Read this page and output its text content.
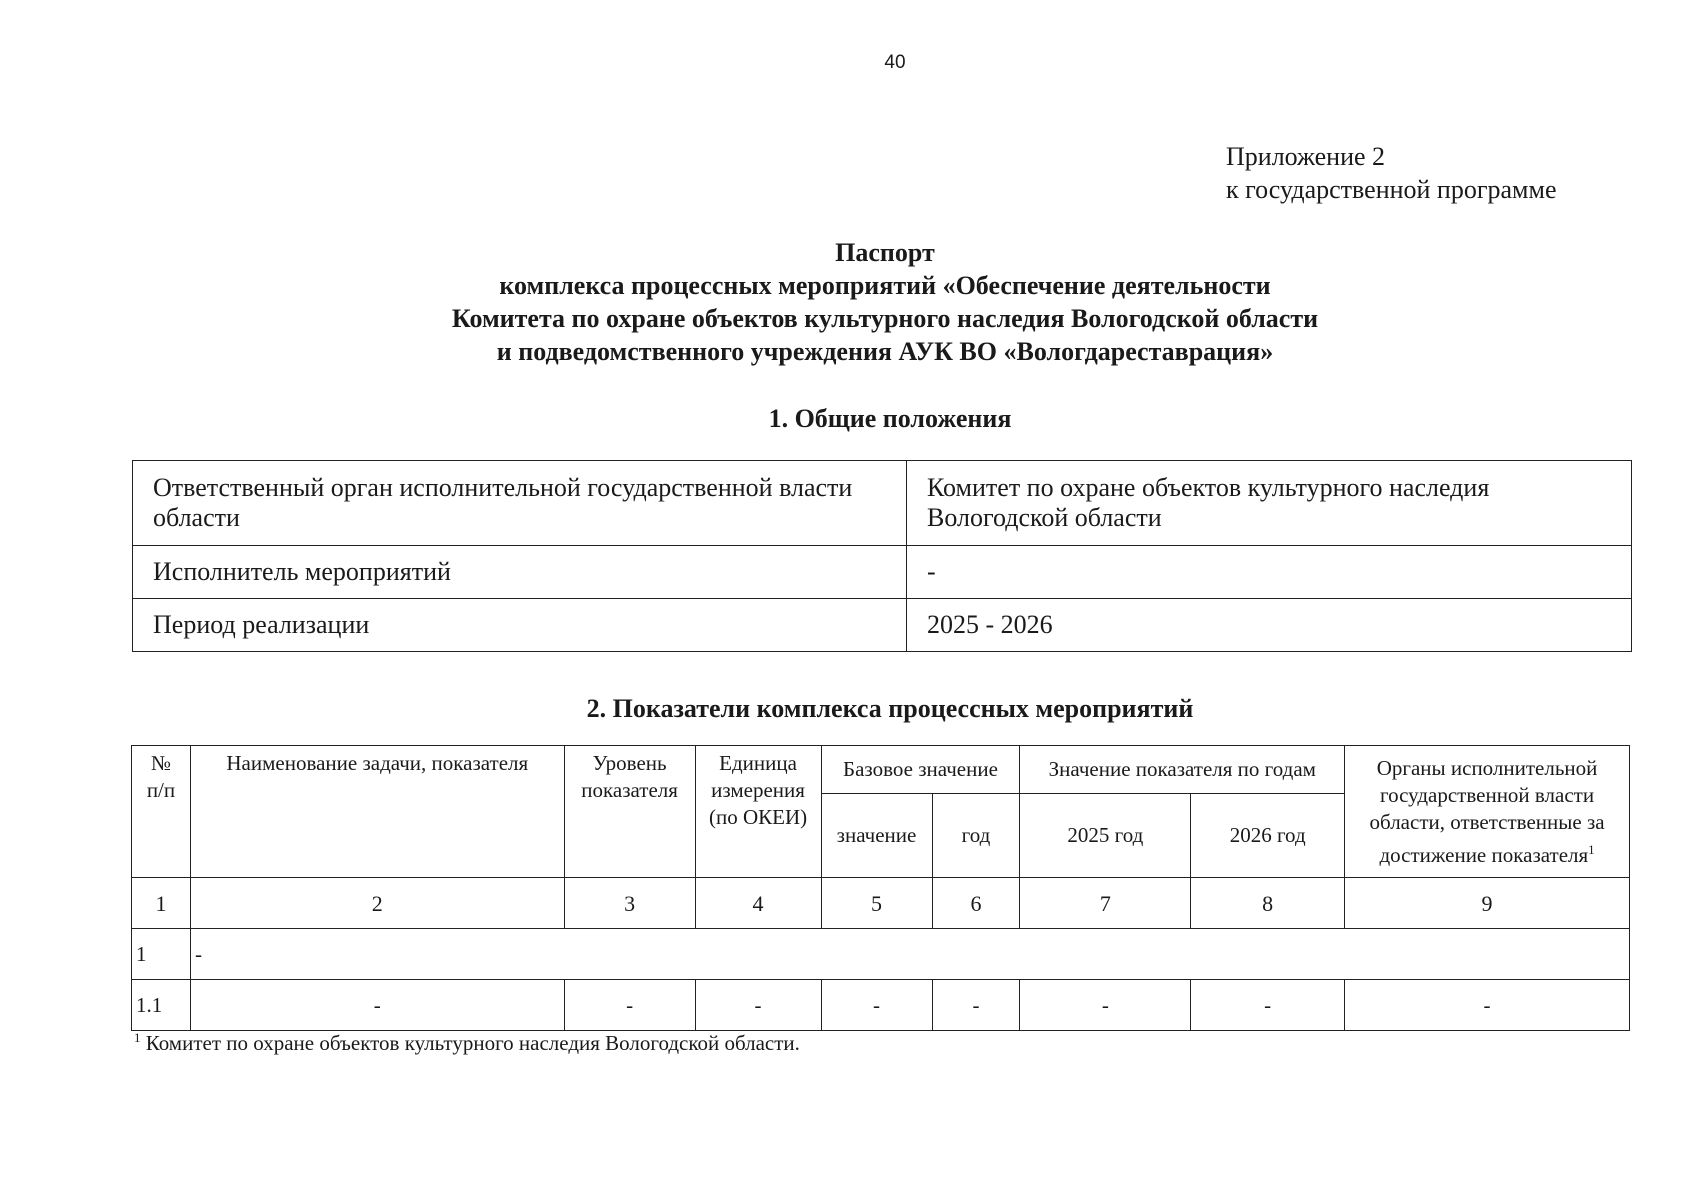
40
Приложение 2
к государственной программе
Паспорт
комплекса процессных мероприятий «Обеспечение деятельности
Комитета по охране объектов культурного наследия Вологодской области
и подведомственного учреждения АУК ВО «Вологдареставрация»
1. Общие положения
Ответственный орган исполнительной государственной власти области	Комитет по охране объектов культурного наследия Вологодской области
Исполнитель мероприятий	-
Период реализации	2025 - 2026
2. Показатели комплекса процессных мероприятий
№
п/п	Наименование задачи, показателя	Уровень показателя	Единица измерения (по ОКЕИ)	Базовое значение		Значение показателя по годам		Органы исполнительной государственной власти области, ответственные за достижение показателя$^1$
				значение	год	2025 год	2026 год	
1	2	3	4	5	6	7	8	9
1	-							
1.1	-	-	-	-	-	-	-	-
$^1$ Комитет по охране объектов культурного наследия Вологодской области.
